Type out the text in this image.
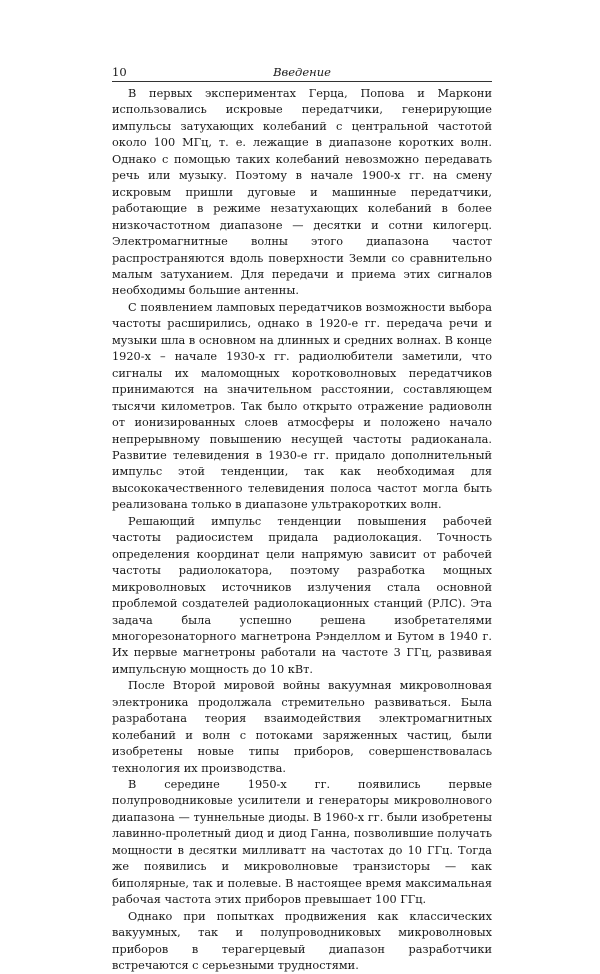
10	Введение

В первых экспериментах Герца, Попова и Маркони использовались искровые передатчики, генерирующие импульсы затухающих колебаний с центральной частотой около 100 МГц, т. е. лежащие в диапазоне коротких волн. Однако с помощью таких колебаний невозможно передавать речь или музыку. Поэтому в начале 1900-х гг. на смену искровым пришли дуговые и машинные передатчики, работающие в режиме незатухающих колебаний в более низкочастотном диапазоне — десятки и сотни килогерц. Электромагнитные волны этого диапазона частот распространяются вдоль поверхности Земли со сравнительно малым затуханием. Для передачи и приема этих сигналов необходимы большие антенны.

С появлением ламповых передатчиков возможности выбора частоты расширились, однако в 1920-е гг. передача речи и музыки шла в основном на длинных и средних волнах. В конце 1920-х – начале 1930-х гг. радиолюбители заметили, что сигналы их маломощных коротковолновых передатчиков принимаются на значительном расстоянии, составляющем тысячи километров. Так было открыто отражение радиоволн от ионизированных слоев атмосферы и положено начало непрерывному повышению несущей частоты радиоканала. Развитие телевидения в 1930-е гг. придало дополнительный импульс этой тенденции, так как необходимая для высококачественного телевидения полоса частот могла быть реализована только в диапазоне ультракоротких волн.

Решающий импульс тенденции повышения рабочей частоты радиосистем придала радиолокация. Точность определения координат цели напрямую зависит от рабочей частоты радиолокатора, поэтому разработка мощных микроволновых источников излучения стала основной проблемой создателей радиолокационных станций (РЛС). Эта задача была успешно решена изобретателями многорезонаторного магнетрона Рэнделлом и Бутом в 1940 г. Их первые магнетроны работали на частоте 3 ГГц, развивая импульсную мощность до 10 кВт.

После Второй мировой войны вакуумная микроволновая электроника продолжала стремительно развиваться. Была разработана теория взаимодействия электромагнитных колебаний и волн с потоками заряженных частиц, были изобретены новые типы приборов, совершенствовалась технология их производства.

В середине 1950-х гг. появились первые полупроводниковые усилители и генераторы микроволнового диапазона — туннельные диоды. В 1960-х гг. были изобретены лавинно-пролетный диод и диод Ганна, позволившие получать мощности в десятки милливатт на частотах до 10 ГГц. Тогда же появились и микроволновые транзисторы — как биполярные, так и полевые. В настоящее время максимальная рабочая частота этих приборов превышает 100 ГГц.

Однако при попытках продвижения как классических вакуумных, так и полупроводниковых микроволновых приборов в терагерцевый диапазон разработчики встречаются с серьезными трудностями.
